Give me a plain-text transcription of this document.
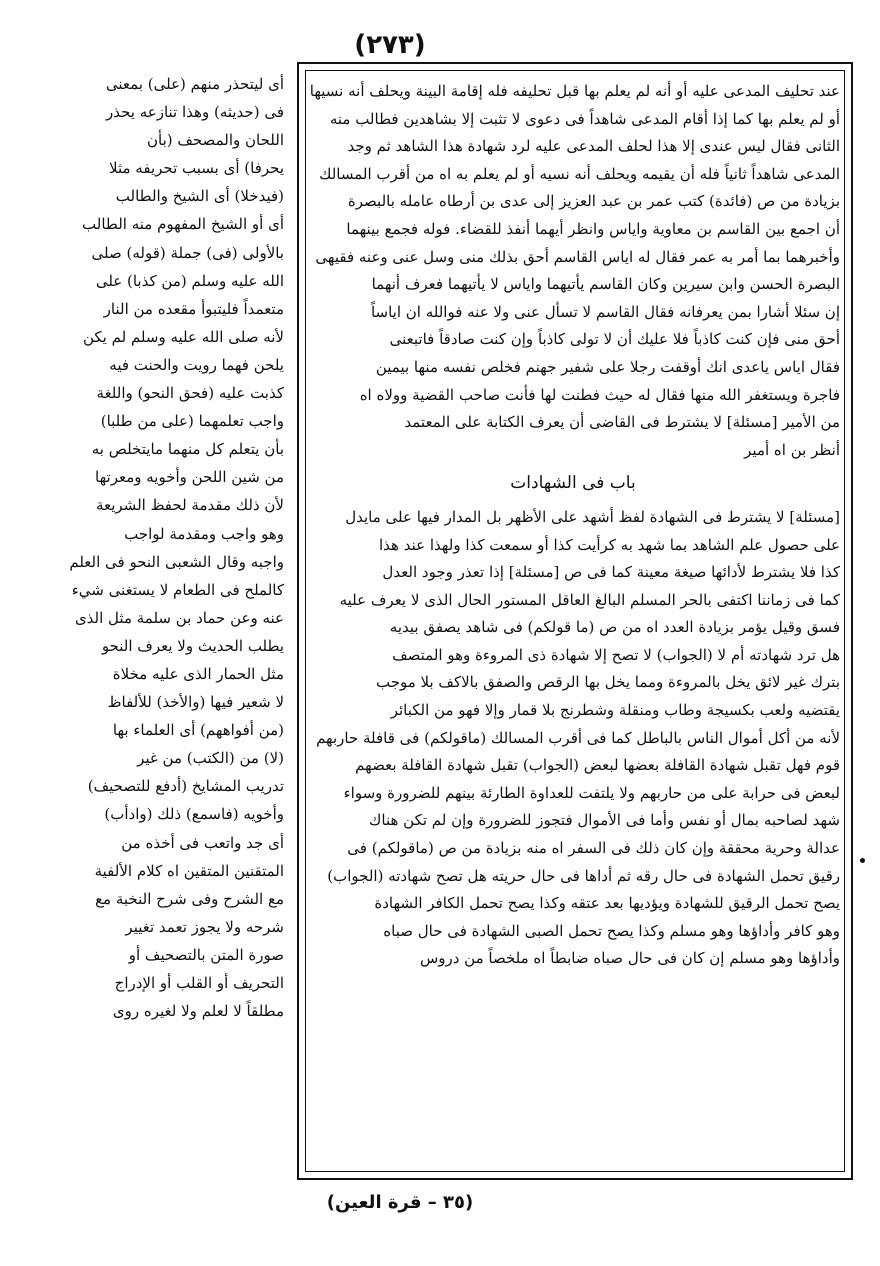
(٢٧٣)
عند تحليف المدعى عليه أو أنه لم يعلم بها قبل تحليفه فله إقامة البينة ويحلف أنه نسيها
أو لم يعلم بها كما إذا أقام المدعى شاهداً فى دعوى لا تثبت إلا بشاهدين فطالب منه
الثانى فقال ليس عندى إلا هذا لحلف المدعى عليه لرد شهادة هذا الشاهد ثم وجد
المدعى شاهداً ثانياً فله أن يقيمه ويحلف أنه نسيه أو لم يعلم به اه من أقرب المسالك
بزيادة من ص (فائدة) كتب عمر بن عبد العزيز إلى عدى بن أرطاه عامله بالبصرة
أن اجمع بين القاسم بن معاوية واياس وانظر أيهما أنفذ للقضاء. فوله فجمع بينهما
وأخبرهما بما أمر به عمر فقال له اياس القاسم أحق بذلك منى وسل عنى وعنه فقيهى
البصرة الحسن وابن سيرين وكان القاسم يأتيهما واياس لا يأتيهما فعرف أنهما
إن سئلا أشارا بمن يعرفانه فقال القاسم لا تسأل عنى ولا عنه فوالله ان اياساً
أحق منى فإن كنت كاذباً فلا عليك أن لا تولى كاذباً وإن كنت صادقاً فاتبعنى
فقال اياس ياعدى انك أوقفت رجلا على شفير جهنم فخلص نفسه منها بيمين
فاجرة ويستغفر الله منها فقال له حيث فطنت لها فأنت صاحب القضية وولاه اه
من الأمير [مسئلة] لا يشترط فى القاضى أن يعرف الكتابة على المعتمد
أنظر بن اه أمير
باب فى الشهادات
[مسئلة] لا يشترط فى الشهادة لفظ أشهد على الأظهر بل المدار فيها على مايدل
على حصول علم الشاهد بما شهد به كرأيت كذا أو سمعت كذا ولهذا عند هذا
كذا فلا يشترط لأدائها صيغة معينة كما فى ص [مسئلة] إذا تعذر وجود العدل
كما فى زماننا اكتفى بالحر المسلم البالغ العاقل المستور الحال الذى لا يعرف عليه
فسق وقيل يؤمر بزيادة العدد اه من ص (ما قولكم) فى شاهد يصفق بيديه
هل ترد شهادته أم لا (الجواب) لا تصح إلا شهادة ذى المروءة وهو المتصف
بترك غير لائق يخل بالمروءة ومما يخل بها الرقص والصفق بالاكف بلا موجب
يقتضيه ولعب بكسيجة وطاب ومنقلة وشطرنج بلا قمار وإلا فهو من الكبائر
لأنه من أكل أموال الناس بالباطل كما فى أقرب المسالك (ماقولكم) فى قافلة حاربهم
قوم فهل تقبل شهادة القافلة بعضها لبعض (الجواب) تقبل شهادة القافلة بعضهم
لبعض فى حرابة على من حاربهم ولا يلتفت للعداوة الطارئة بينهم للضرورة وسواء
شهد لصاحبه بمال أو نفس وأما فى الأموال فتجوز للضرورة وإن لم تكن هناك
عدالة وحرية محققة وإن كان ذلك فى السفر اه منه بزيادة من ص (ماقولكم) فى
رقيق تحمل الشهادة فى حال رقه ثم أداها فى حال حريته هل تصح شهادته (الجواب)
يصح تحمل الرقيق للشهادة ويؤديها بعد عتقه وكذا يصح تحمل الكافر الشهادة
وهو كافر وأداؤها وهو مسلم وكذا يصح تحمل الصبى الشهادة فى حال صباه
وأداؤها وهو مسلم إن كان فى حال صباه ضابطاً اه ملخصاً من دروس
أى ليتحذر منهم (على) بمعنى
فى (حديثه) وهذا تنازعه يحذر
اللحان والمصحف (بأن
يحرفا) أى بسبب تحريفه مثلا
(فيدخلا) أى الشيخ والطالب
أى أو الشيخ المفهوم منه الطالب
بالأولى (فى) جملة (قوله) صلى
الله عليه وسلم (من كذبا) على
متعمداً فليتبوأ مقعده من النار
لأنه صلى الله عليه وسلم لم يكن
يلحن فهما رويت والحنت فيه
كذبت عليه (فحق النحو) واللغة
واجب تعلمهما (على من طلبا)
بأن يتعلم كل منهما مايتخلص به
من شين اللحن وأخويه ومعرتها
لأن ذلك مقدمة لحفظ الشريعة
وهو واجب ومقدمة لواجب
واجبه وقال الشعبى النحو فى العلم
كالملح فى الطعام لا يستغنى شيء
عنه وعن حماد بن سلمة مثل الذى
يطلب الحديث ولا يعرف النحو
مثل الحمار الذى عليه مخلاة
لا شعير فيها (والأخذ) للألفاظ
(من أفواههم) أى العلماء بها
(لا) من (الكتب) من غير
تدريب المشايخ (أدفع للتصحيف)
وأخويه (فاسمع) ذلك (وادأب)
أى جد واتعب فى أخذه من
المتقنين المتقين اه كلام الألفية
مع الشرح وفى شرح النخبة مع
شرحه ولا يجوز تعمد تغيير
صورة المتن بالتصحيف أو
التحريف أو القلب أو الإدراج
مطلقاً لا لعلم ولا لغيره روى
(٣٥ – قرة العين)
